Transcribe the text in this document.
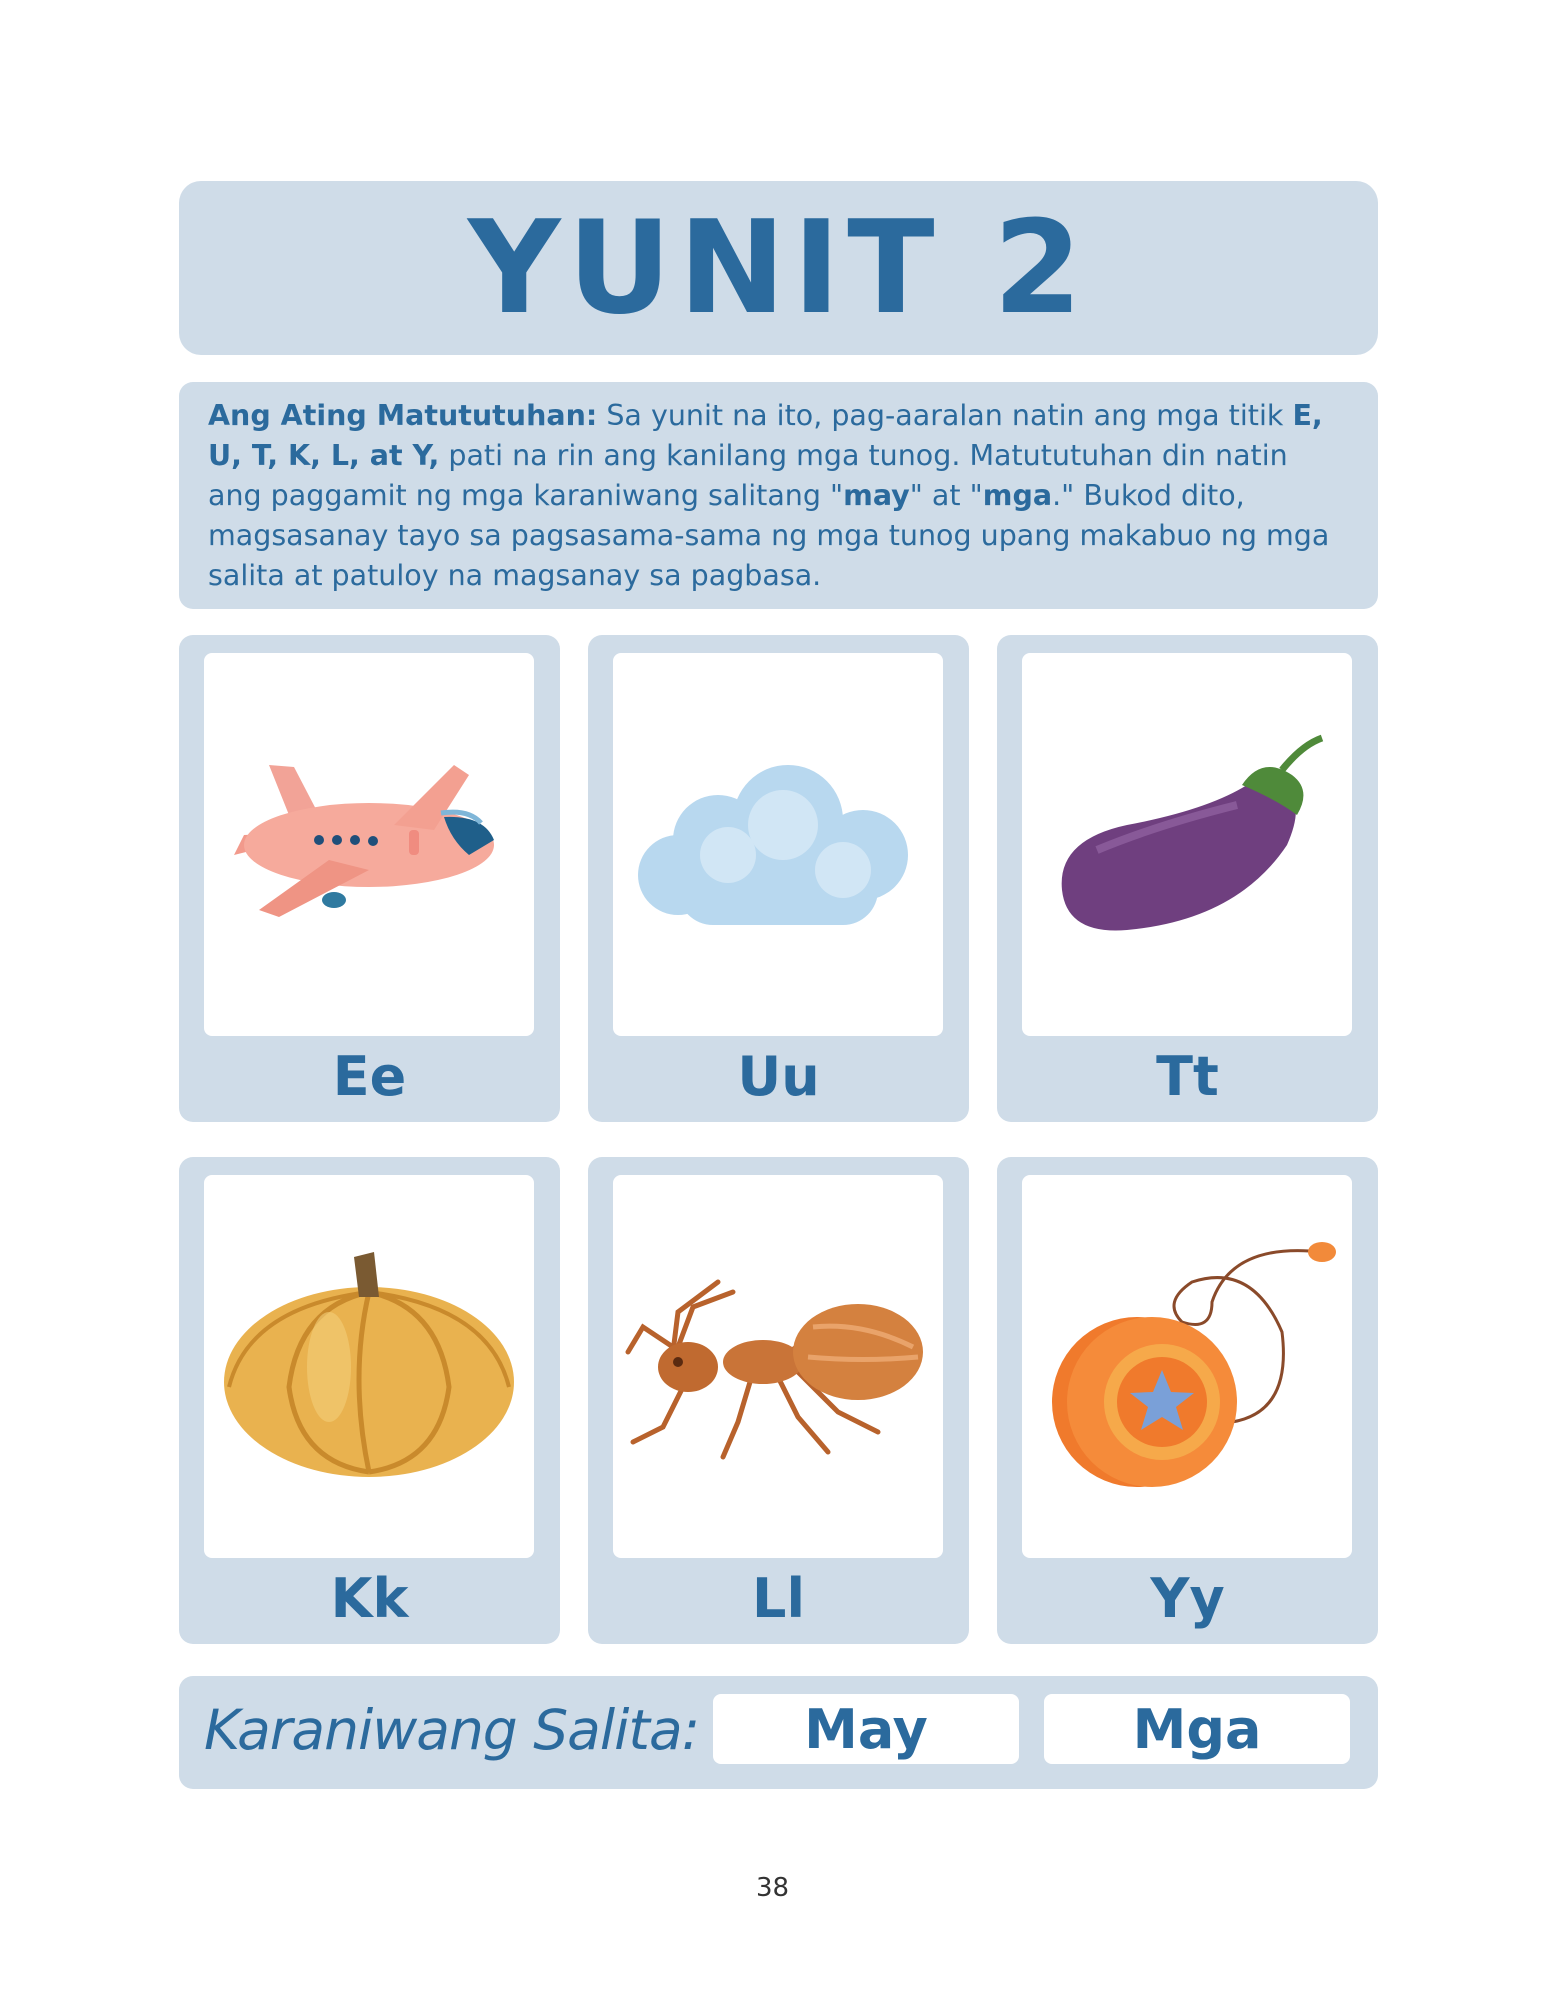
YUNIT 2

Ang Ating Matututuhan: Sa yunit na ito, pag-aaralan natin ang mga titik E, U, T, K, L, at Y, pati na rin ang kanilang mga tunog. Matututuhan din natin ang paggamit ng mga karaniwang salitang "may" at "mga." Bukod dito, magsasanay tayo sa pagsasama-sama ng mga tunog upang makabuo ng mga salita at patuloy na magsanay sa pagbasa.

Ee	Uu	Tt
Kk	Ll	Yy
Karaniwang Salita:	May	Mga
38
